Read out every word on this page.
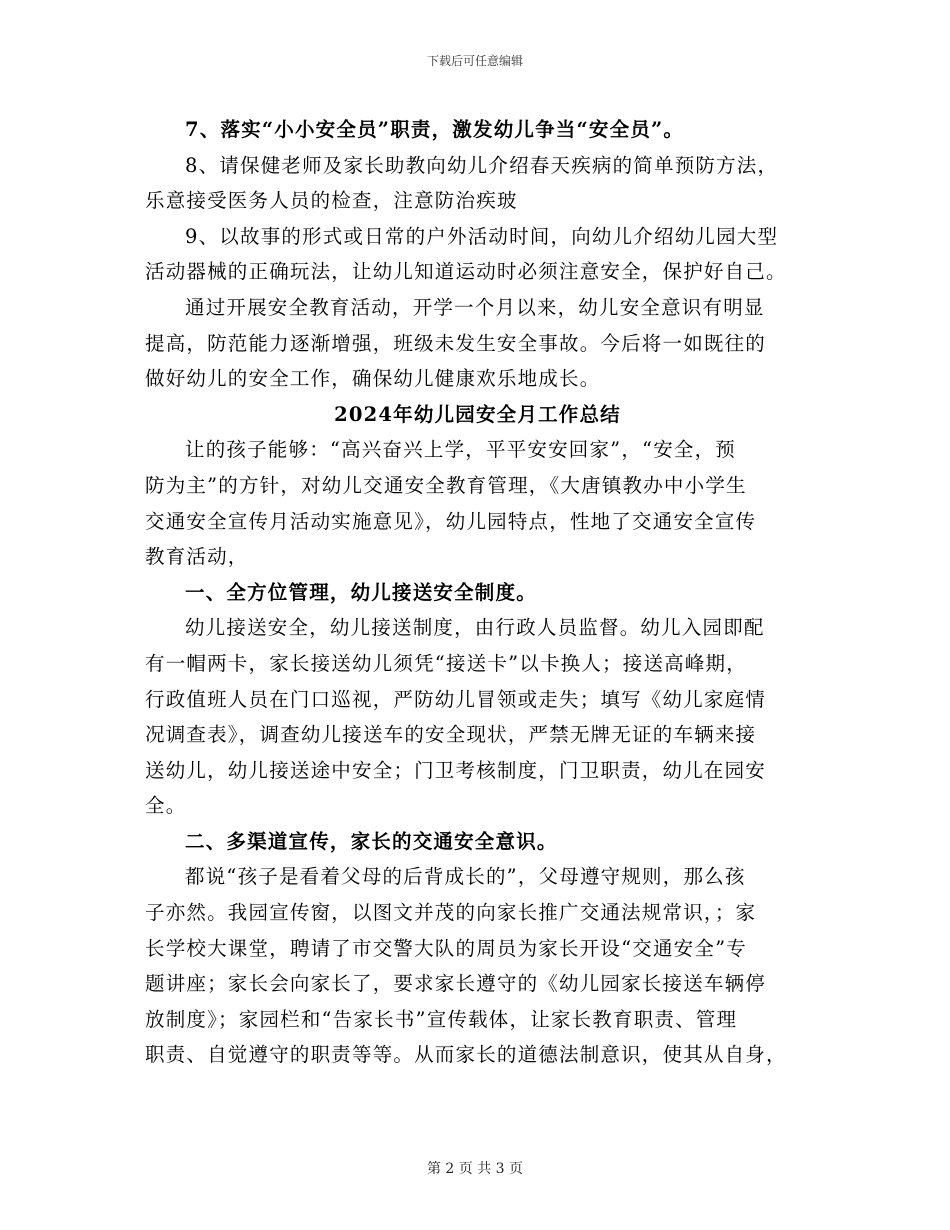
下载后可任意编辑
7、落实“小小安全员”职责，激发幼儿争当“安全员”。
8、请保健老师及家长助教向幼儿介绍春天疾病的简单预防方法，
乐意接受医务人员的检查，注意防治疾玻
9、以故事的形式或日常的户外活动时间，向幼儿介绍幼儿园大型
活动器械的正确玩法，让幼儿知道运动时必须注意安全，保护好自己。
通过开展安全教育活动，开学一个月以来，幼儿安全意识有明显
提高，防范能力逐渐增强，班级未发生安全事故。今后将一如既往的
做好幼儿的安全工作，确保幼儿健康欢乐地成长。
2024年幼儿园安全月工作总结
让的孩子能够：“高兴奋兴上学，平平安安回家”，“安全，预
防为主”的方针，对幼儿交通安全教育管理，《大唐镇教办中小学生
交通安全宣传月活动实施意见》，幼儿园特点，性地了交通安全宣传
教育活动，
一、全方位管理，幼儿接送安全制度。
幼儿接送安全，幼儿接送制度，由行政人员监督。幼儿入园即配
有一帽两卡，家长接送幼儿须凭“接送卡”以卡换人；接送高峰期，
行政值班人员在门口巡视，严防幼儿冒领或走失；填写《幼儿家庭情
况调查表》，调查幼儿接送车的安全现状，严禁无牌无证的车辆来接
送幼儿，幼儿接送途中安全；门卫考核制度，门卫职责，幼儿在园安
全。
二、多渠道宣传，家长的交通安全意识。
都说“孩子是看着父母的后背成长的”，父母遵守规则，那么孩
子亦然。我园宣传窗，以图文并茂的向家长推广交通法规常识，；家
长学校大课堂，聘请了市交警大队的周员为家长开设“交通安全”专
题讲座；家长会向家长了，要求家长遵守的《幼儿园家长接送车辆停
放制度》；家园栏和“告家长书”宣传载体，让家长教育职责、管理
职责、自觉遵守的职责等等。从而家长的道德法制意识，使其从自身，
第 2 页 共 3 页
